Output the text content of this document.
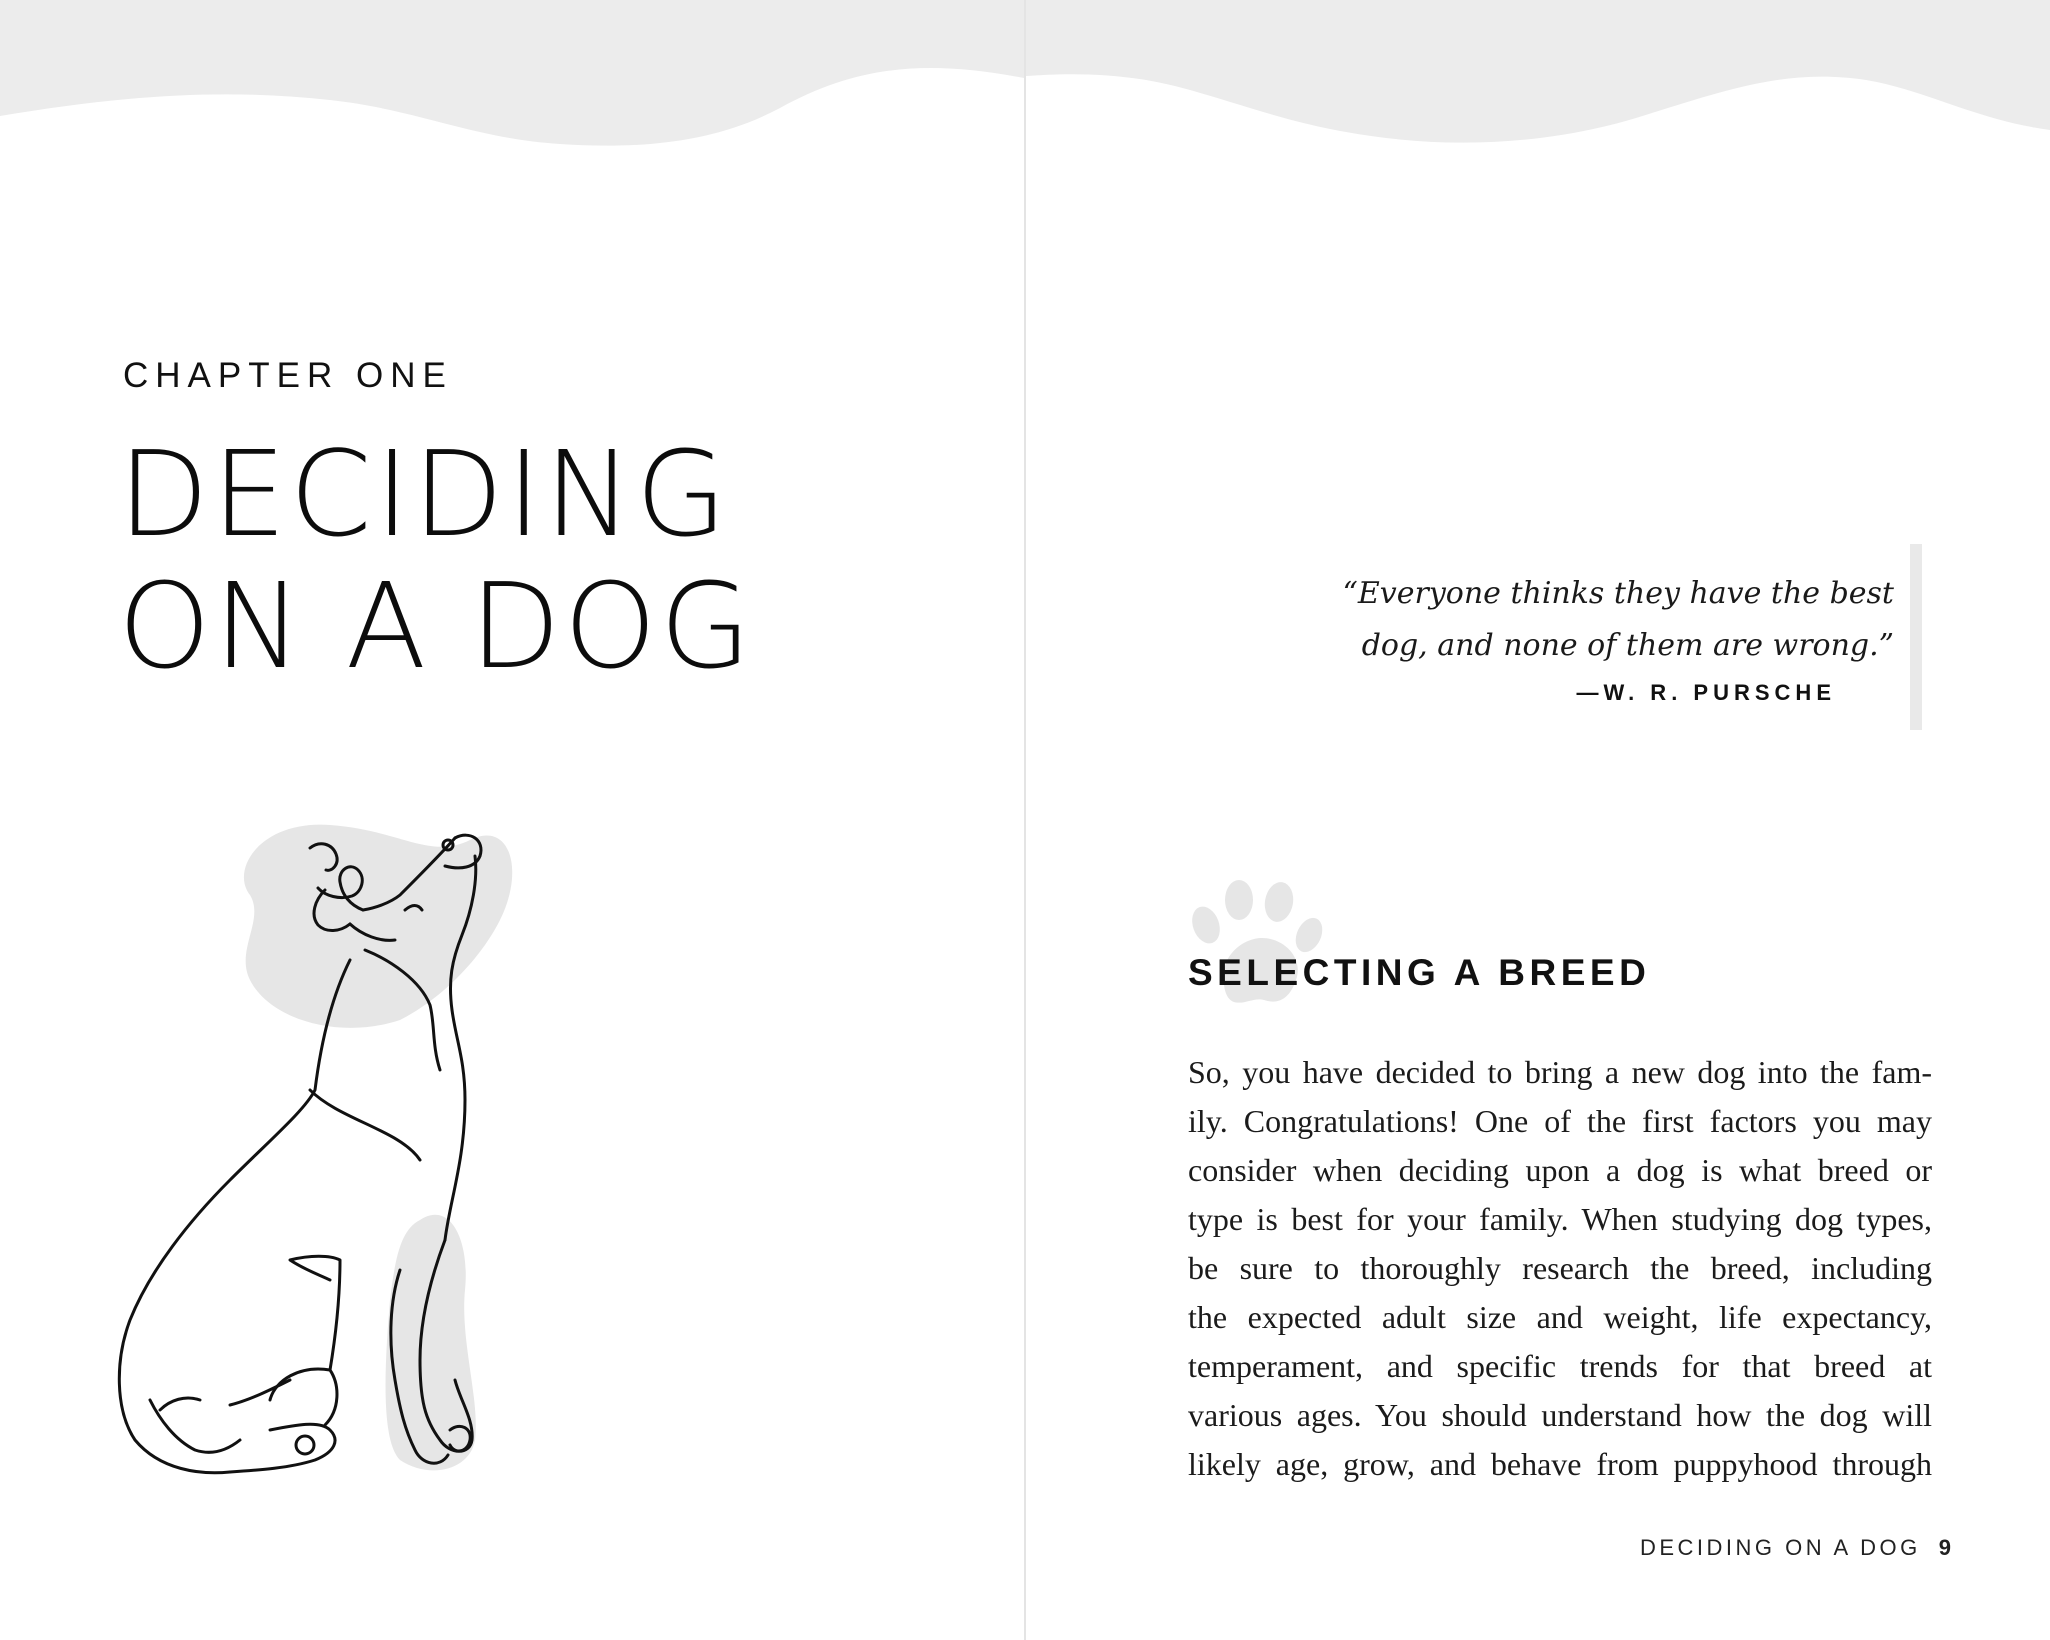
CHAPTER ONE
DECIDING
ON A DOG	“Everyone thinks they have the best
dog, and none of them are wrong.”
—W. R. PURSCHE
SELECTING A BREED
So, you have decided to bring a new dog into the fam-
ily. Congratulations! One of the first factors you may
consider when deciding upon a dog is what breed or
type is best for your family. When studying dog types,
be sure to thoroughly research the breed, including
the expected adult size and weight, life expectancy,
temperament, and specific trends for that breed at
various ages. You should understand how the dog will
likely age, grow, and behave from puppyhood through
DECIDING ON A DOG 9
